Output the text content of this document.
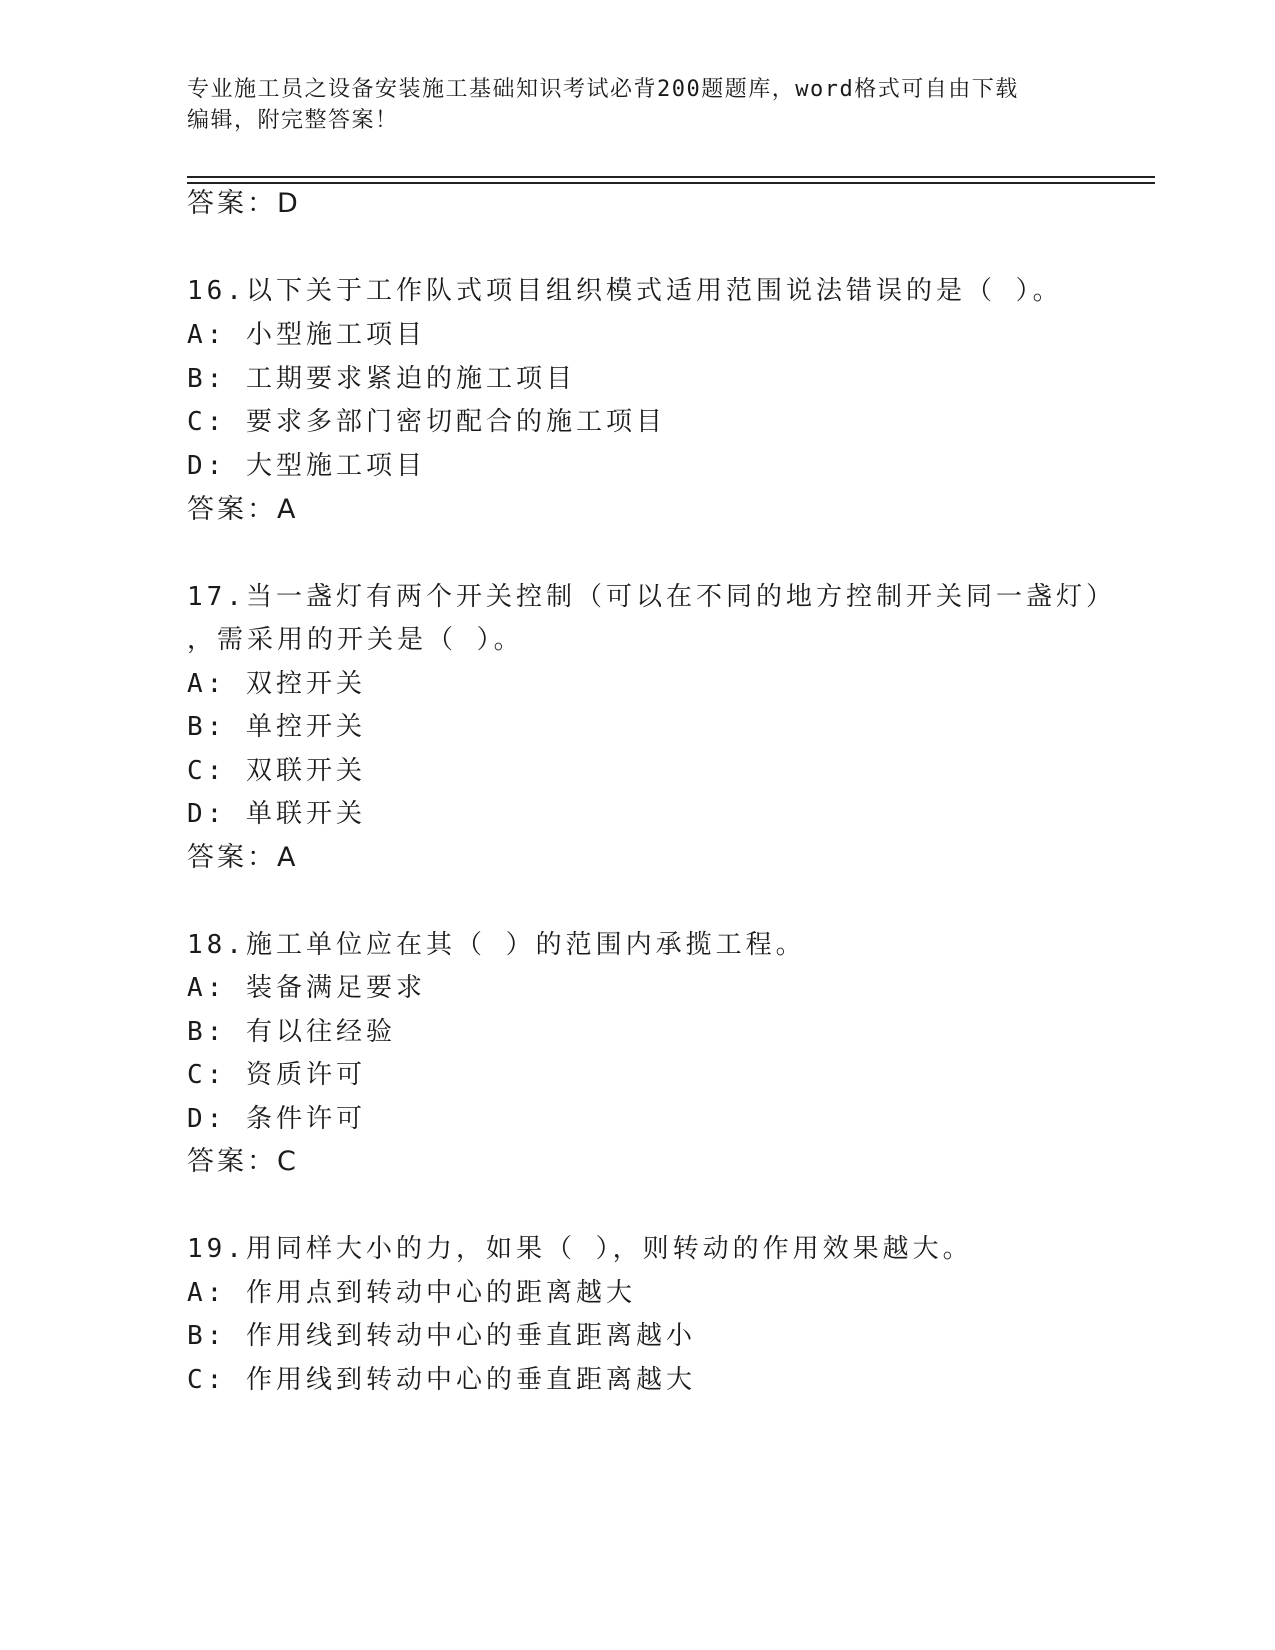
专业施工员之设备安装施工基础知识考试必背200题题库，word格式可自由下载
编辑，附完整答案！
答案：D
16.以下关于工作队式项目组织模式适用范围说法错误的是（ ）。
A: 小型施工项目
B: 工期要求紧迫的施工项目
C: 要求多部门密切配合的施工项目
D: 大型施工项目
答案：A
17.当一盏灯有两个开关控制（可以在不同的地方控制开关同一盏灯）
，需采用的开关是（ ）。
A: 双控开关
B: 单控开关
C: 双联开关
D: 单联开关
答案：A
18.施工单位应在其（ ）的范围内承揽工程。
A: 装备满足要求
B: 有以往经验
C: 资质许可
D: 条件许可
答案：C
19.用同样大小的力，如果（ ），则转动的作用效果越大。
A: 作用点到转动中心的距离越大
B: 作用线到转动中心的垂直距离越小
C: 作用线到转动中心的垂直距离越大
